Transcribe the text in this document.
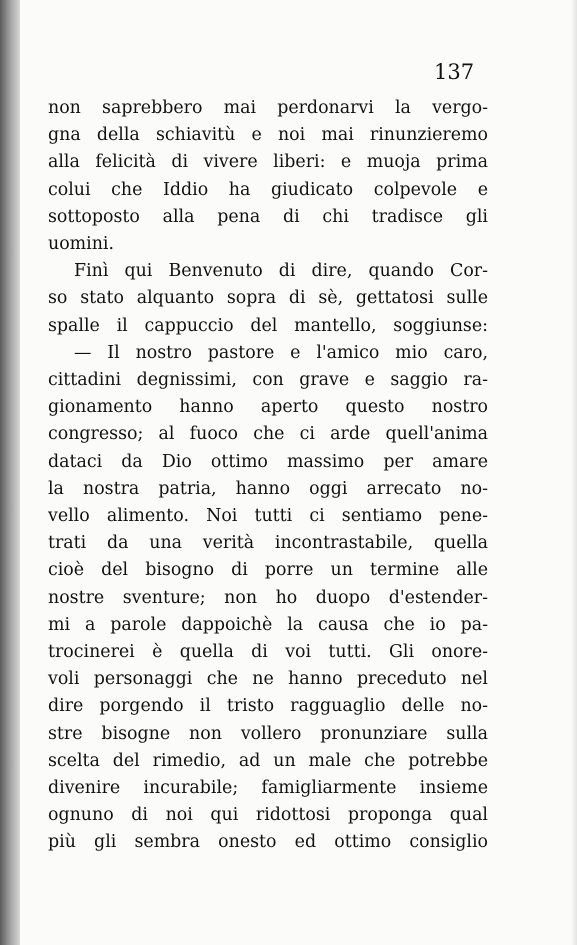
137
non saprebbero mai perdonarvi la vergo-
gna della schiavitù e noi mai rinunzieremo
alla felicità di vivere liberi: e muoja prima
colui che Iddio ha giudicato colpevole e
sottoposto alla pena di chi tradisce gli
uomini.
Finì qui Benvenuto di dire, quando Cor-
so stato alquanto sopra di sè, gettatosi sulle
spalle il cappuccio del mantello, soggiunse:
— Il nostro pastore e l'amico mio caro,
cittadini degnissimi, con grave e saggio ra-
gionamento hanno aperto questo nostro
congresso; al fuoco che ci arde quell'anima
dataci da Dio ottimo massimo per amare
la nostra patria, hanno oggi arrecato no-
vello alimento. Noi tutti ci sentiamo pene-
trati da una verità incontrastabile, quella
cioè del bisogno di porre un termine alle
nostre sventure; non ho duopo d'estender-
mi a parole dappoichè la causa che io pa-
trocinerei è quella di voi tutti. Gli onore-
voli personaggi che ne hanno preceduto nel
dire porgendo il tristo ragguaglio delle no-
stre bisogne non vollero pronunziare sulla
scelta del rimedio, ad un male che potrebbe
divenire incurabile; famigliarmente insieme
ognuno di noi qui ridottosi proponga qual
più gli sembra onesto ed ottimo consiglio
